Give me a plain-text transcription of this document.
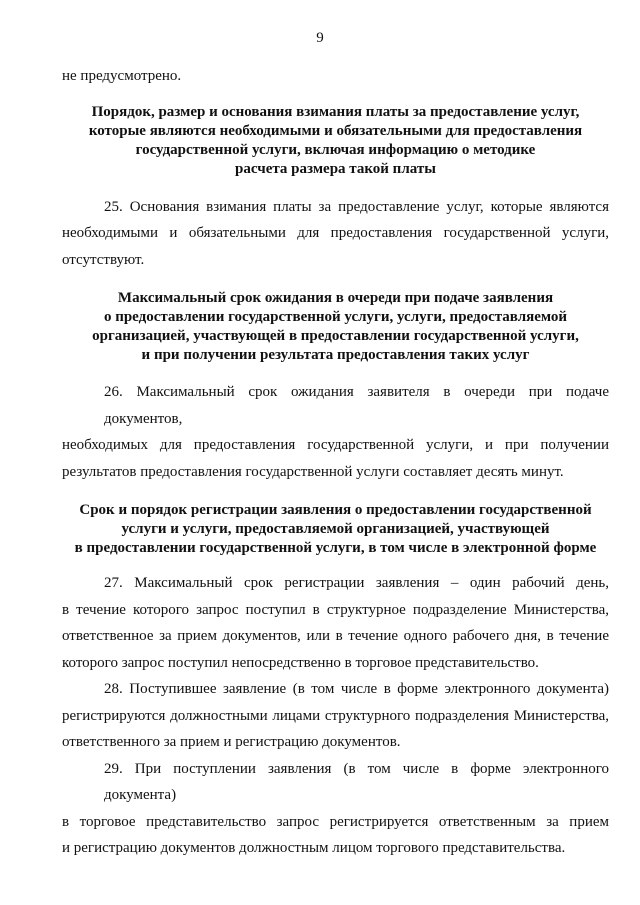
9
не предусмотрено.
Порядок, размер и основания взимания платы за предоставление услуг,
которые являются необходимыми и обязательными для предоставления
государственной услуги, включая информацию о методике
расчета размера такой платы
25. Основания взимания платы за предоставление услуг, которые являются
необходимыми и обязательными для предоставления государственной услуги,
отсутствуют.
Максимальный срок ожидания в очереди при подаче заявления
о предоставлении государственной услуги, услуги, предоставляемой
организацией, участвующей в предоставлении государственной услуги,
и при получении результата предоставления таких услуг
26. Максимальный срок ожидания заявителя в очереди при подаче документов,
необходимых для предоставления государственной услуги, и при получении
результатов предоставления государственной услуги составляет десять минут.
Срок и порядок регистрации заявления о предоставлении государственной
услуги и услуги, предоставляемой организацией, участвующей
в предоставлении государственной услуги, в том числе в электронной форме
27. Максимальный срок регистрации заявления – один рабочий день,
в течение которого запрос поступил в структурное подразделение Министерства,
ответственное за прием документов, или в течение одного рабочего дня, в течение
которого запрос поступил непосредственно в торговое представительство.
28. Поступившее заявление (в том числе в форме электронного документа)
регистрируются должностными лицами структурного подразделения Министерства,
ответственного за прием и регистрацию документов.
29. При поступлении заявления (в том числе в форме электронного документа)
в торговое представительство запрос регистрируется ответственным за прием
и регистрацию документов должностным лицом торгового представительства.
